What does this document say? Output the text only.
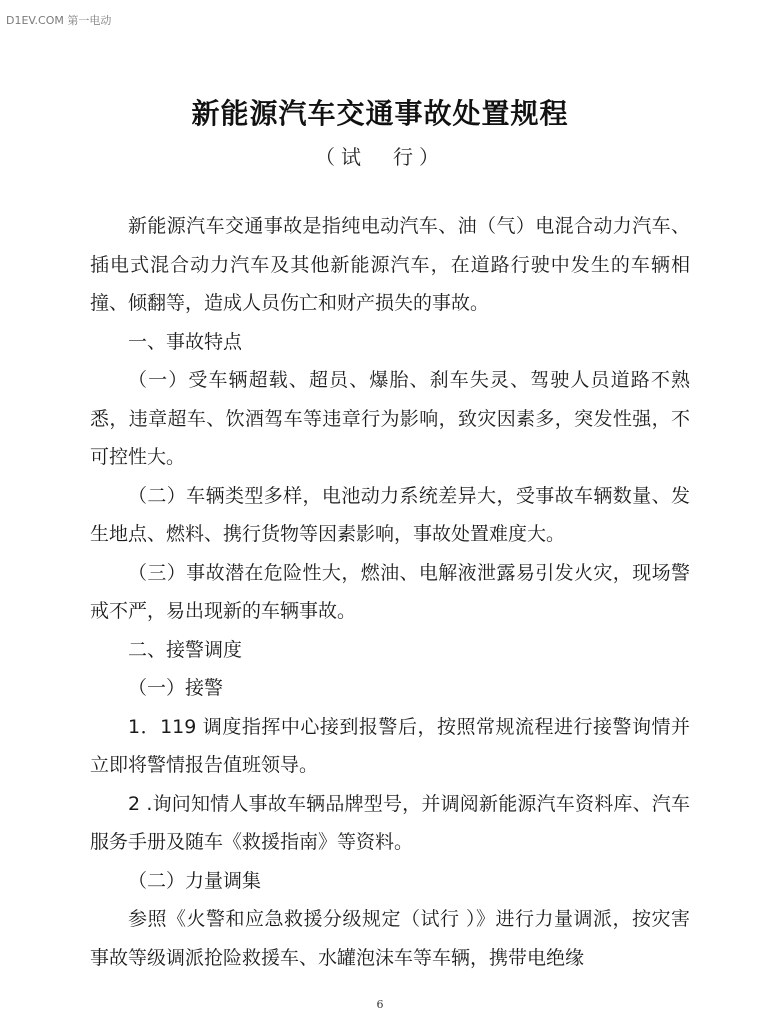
D1EV.COM 第一电动
新能源汽车交通事故处置规程
（试　行）

新能源汽车交通事故是指纯电动汽车、油（气）电混合动力汽车、插电式混合动力汽车及其他新能源汽车，在道路行驶中发生的车辆相撞、倾翻等，造成人员伤亡和财产损失的事故。

一、事故特点

（一）受车辆超载、超员、爆胎、刹车失灵、驾驶人员道路不熟悉，违章超车、饮酒驾车等违章行为影响，致灾因素多，突发性强，不可控性大。

（二）车辆类型多样，电池动力系统差异大，受事故车辆数量、发生地点、燃料、携行货物等因素影响，事故处置难度大。

（三）事故潜在危险性大，燃油、电解液泄露易引发火灾，现场警戒不严，易出现新的车辆事故。

二、接警调度

（一）接警

1．119 调度指挥中心接到报警后，按照常规流程进行接警询情并立即将警情报告值班领导。

2 .询问知情人事故车辆品牌型号，并调阅新能源汽车资料库、汽车服务手册及随车《救援指南》等资料。

（二）力量调集

参照《火警和应急救援分级规定（试行 ）》进行力量调派，按灾害事故等级调派抢险救援车、水罐泡沫车等车辆，携带电绝缘

6
